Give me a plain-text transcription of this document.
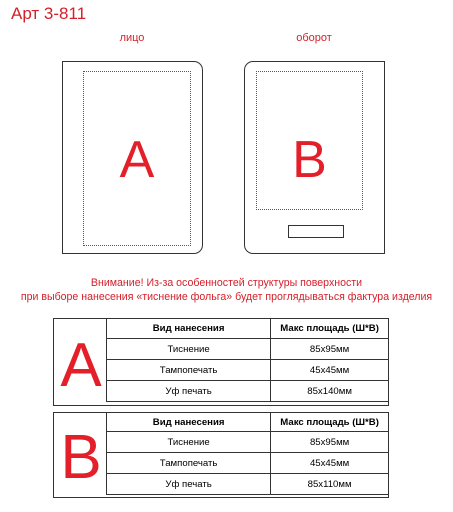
Арт 3-811
лицо	оборот
A	B
Внимание! Из-за особенностей структуры поверхности
при выборе нанесения «тиснение фольга» будет проглядываться фактура изделия
A
Вид нанесения	Макс площадь (Ш*В)
Тиснение	85x95мм
Тампопечать	45x45мм
Уф печать	85x140мм
B
Вид нанесения	Макс площадь (Ш*В)
Тиснение	85x95мм
Тампопечать	45x45мм
Уф печать	85x110мм
